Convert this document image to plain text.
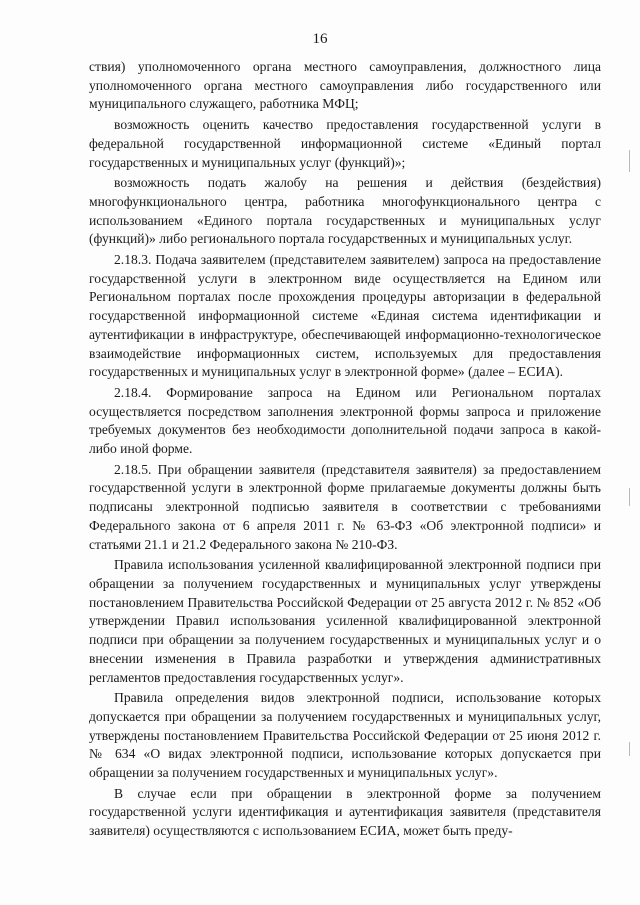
16

ствия) уполномоченного органа местного самоуправления, должностного лица уполномоченного органа местного самоуправления либо государственного или муниципального служащего, работника МФЦ;

возможность оценить качество предоставления государственной услуги в федеральной государственной информационной системе «Единый портал государственных и муниципальных услуг (функций)»;

возможность подать жалобу на решения и действия (бездействия) многофункционального центра, работника многофункционального центра с использованием «Единого портала государственных и муниципальных услуг (функций)» либо регионального портала государственных и муниципальных услуг.

2.18.3. Подача заявителем (представителем заявителем) запроса на предоставление государственной услуги в электронном виде осуществляется на Едином или Региональном порталах после прохождения процедуры авторизации в федеральной государственной информационной системе «Единая система идентификации и аутентификации в инфраструктуре, обеспечивающей информационно-технологическое взаимодействие информационных систем, используемых для предоставления государственных и муниципальных услуг в электронной форме» (далее – ЕСИА).

2.18.4. Формирование запроса на Едином или Региональном порталах осуществляется посредством заполнения электронной формы запроса и приложение требуемых документов без необходимости дополнительной подачи запроса в какой-либо иной форме.

2.18.5. При обращении заявителя (представителя заявителя) за предоставлением государственной услуги в электронной форме прилагаемые документы должны быть подписаны электронной подписью заявителя в соответствии с требованиями Федерального закона от 6 апреля 2011 г. № 63-ФЗ «Об электронной подписи» и статьями 21.1 и 21.2 Федерального закона № 210-ФЗ.

Правила использования усиленной квалифицированной электронной подписи при обращении за получением государственных и муниципальных услуг утверждены постановлением Правительства Российской Федерации от 25 августа 2012 г. № 852 «Об утверждении Правил использования усиленной квалифицированной электронной подписи при обращении за получением государственных и муниципальных услуг и о внесении изменения в Правила разработки и утверждения административных регламентов предоставления государственных услуг».

Правила определения видов электронной подписи, использование которых допускается при обращении за получением государственных и муниципальных услуг, утверждены постановлением Правительства Российской Федерации от 25 июня 2012 г. № 634 «О видах электронной подписи, использование которых допускается при обращении за получением государственных и муниципальных услуг».

В случае если при обращении в электронной форме за получением государственной услуги идентификация и аутентификация заявителя (представителя заявителя) осуществляются с использованием ЕСИА, может быть преду-
